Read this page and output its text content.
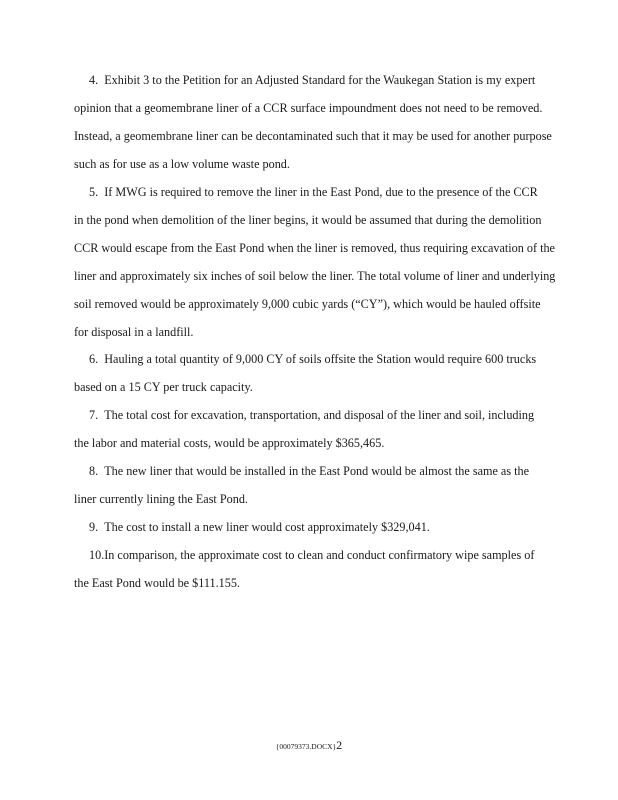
4. Exhibit 3 to the Petition for an Adjusted Standard for the Waukegan Station is my expert
opinion that a geomembrane liner of a CCR surface impoundment does not need to be removed.
Instead, a geomembrane liner can be decontaminated such that it may be used for another purpose
such as for use as a low volume waste pond.
5. If MWG is required to remove the liner in the East Pond, due to the presence of the CCR
in the pond when demolition of the liner begins, it would be assumed that during the demolition
CCR would escape from the East Pond when the liner is removed, thus requiring excavation of the
liner and approximately six inches of soil below the liner. The total volume of liner and underlying
soil removed would be approximately 9,000 cubic yards (“CY”), which would be hauled offsite
for disposal in a landfill.
6. Hauling a total quantity of 9,000 CY of soils offsite the Station would require 600 trucks
based on a 15 CY per truck capacity.
7. The total cost for excavation, transportation, and disposal of the liner and soil, including
the labor and material costs, would be approximately $365,465.
8. The new liner that would be installed in the East Pond would be almost the same as the
liner currently lining the East Pond.
9. The cost to install a new liner would cost approximately $329,041.
10.In comparison, the approximate cost to clean and conduct confirmatory wipe samples of
the East Pond would be $111.155.
{00079373.DOCX}2
